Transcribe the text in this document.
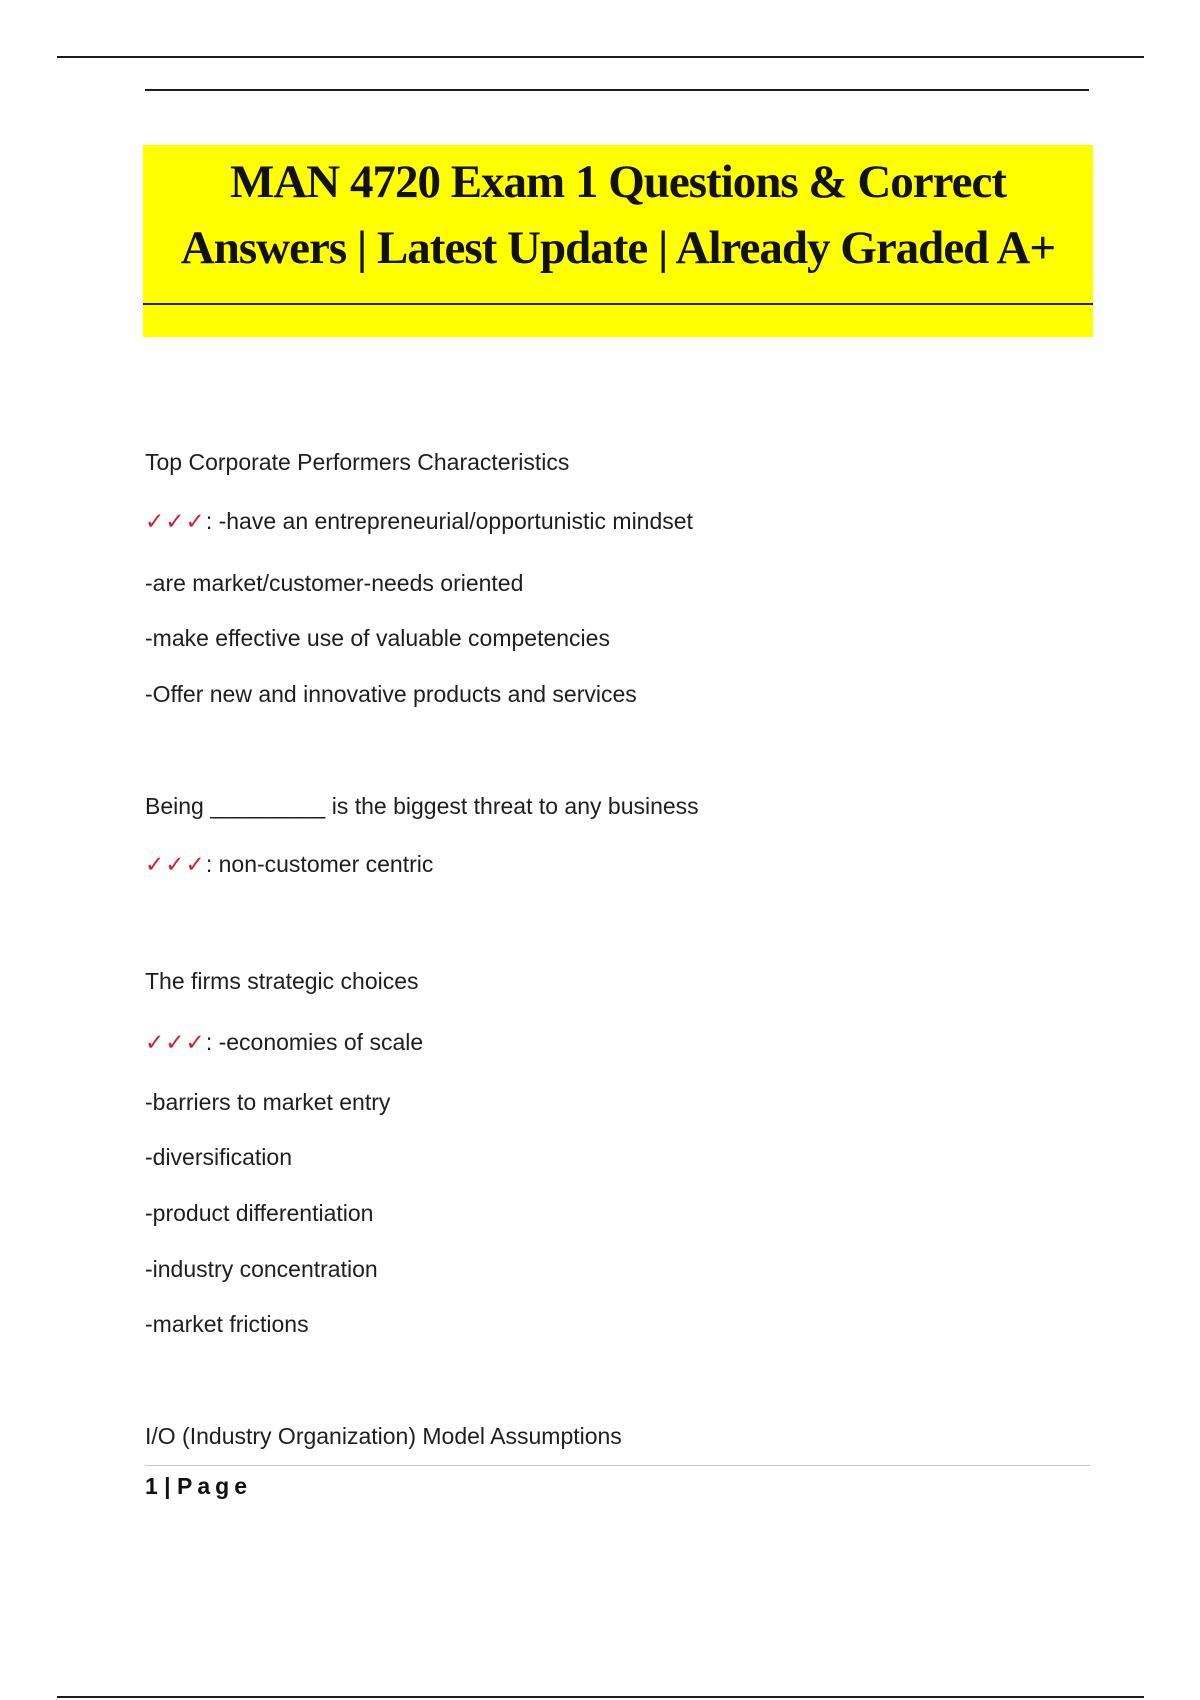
MAN 4720 Exam 1 Questions & Correct
Answers | Latest Update | Already Graded A+

Top Corporate Performers Characteristics

✓✓✓: -have an entrepreneurial/opportunistic mindset

-are market/customer-needs oriented

-make effective use of valuable competencies

-Offer new and innovative products and services

Being _________ is the biggest threat to any business

✓✓✓: non-customer centric

The firms strategic choices

✓✓✓: -economies of scale

-barriers to market entry

-diversification

-product differentiation

-industry concentration

-market frictions

I/O (Industry Organization) Model Assumptions

1 | Page
